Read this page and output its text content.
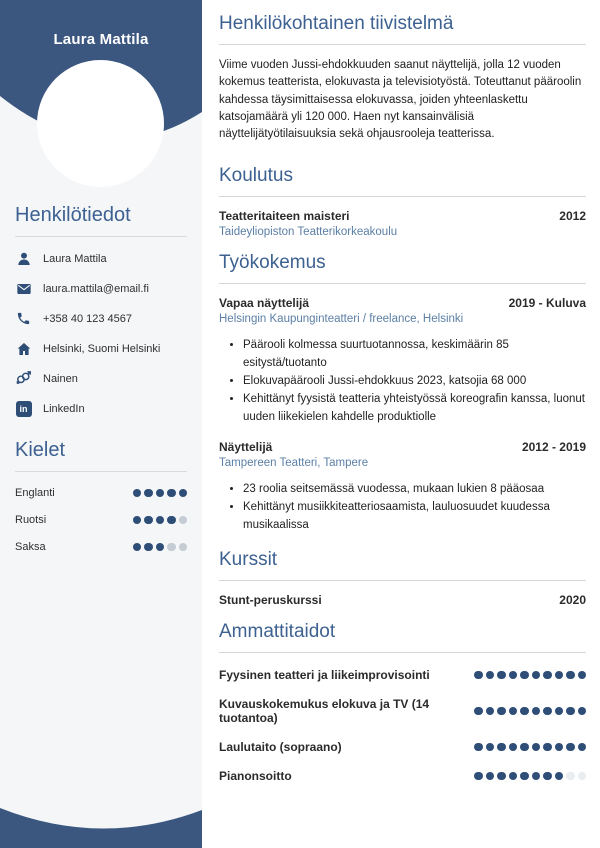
Laura Mattila
Henkilötiedot
Laura Mattila
laura.mattila@email.fi
+358 40 123 4567
Helsinki, Suomi Helsinki
Nainen
in	LinkedIn
Kielet
Englanti
Ruotsi
Saksa
Henkilökohtainen tiivistelmä

Viime vuoden Jussi-ehdokkuuden saanut näyttelijä, jolla 12 vuoden kokemus teatterista, elokuvasta ja televisiotyöstä. Toteuttanut pääroolin kahdessa täysimittaisessa elokuvassa, joiden yhteenlaskettu katsojamäärä yli 120 000. Haen nyt kansainvälisiä näyttelijätyötilaisuuksia sekä ohjausrooleja teatterissa.

Koulutus
Teatteritaiteen maisteri	2012
Taideyliopiston Teatterikorkeakoulu
Työkokemus
Vapaa näyttelijä	2019 - Kuluva
Helsingin Kaupunginteatteri / freelance, Helsinki
• Päärooli kolmessa suurtuotannossa, keskimäärin 85 esitystä/tuotanto
• Elokuvapäärooli Jussi-ehdokkuus 2023, katsojia 68 000
• Kehittänyt fyysistä teatteria yhteistyössä koreografin kanssa, luonut uuden liikekielen kahdelle produktiolle
Näyttelijä	2012 - 2019
Tampereen Teatteri, Tampere
• 23 roolia seitsemässä vuodessa, mukaan lukien 8 pääosaa
• Kehittänyt musiikkiteatteriosaamista, lauluosuudet kuudessa musikaalissa
Kurssit
Stunt-peruskurssi	2020
Ammattitaidot
Fyysinen teatteri ja liikeimprovisointi
Kuvauskokemukus elokuva ja TV (14 tuotantoa)
Laulutaito (sopraano)
Pianonsoitto
